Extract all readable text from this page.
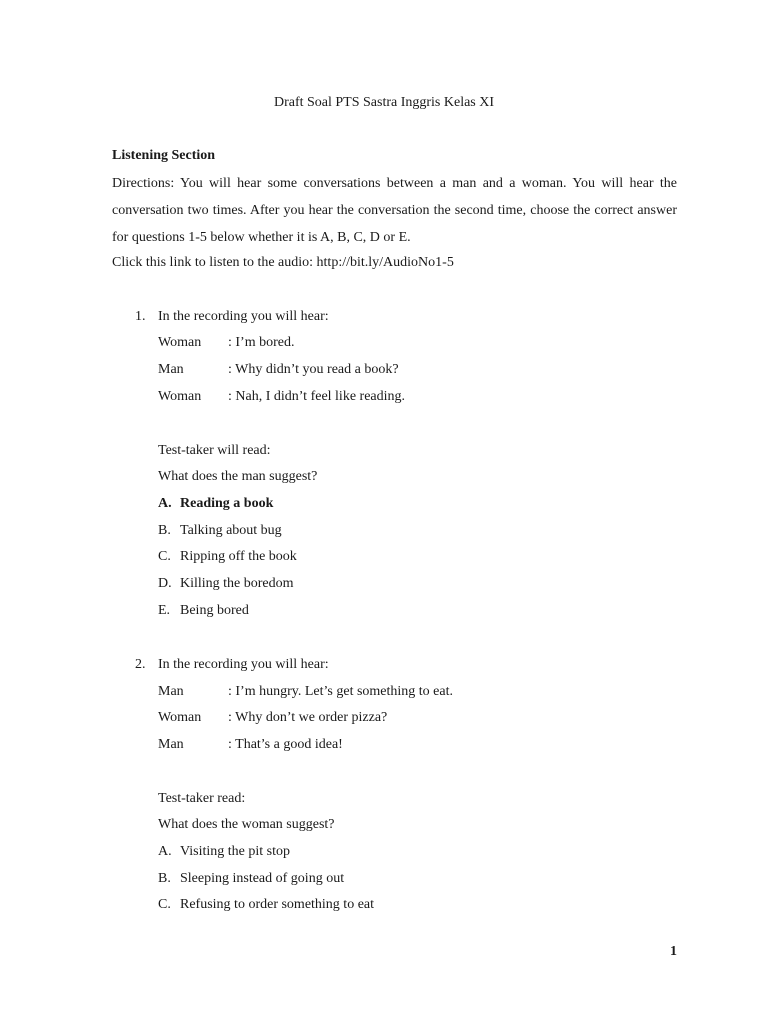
Draft Soal PTS Sastra Inggris Kelas XI
Listening Section

Directions: You will hear some conversations between a man and a woman. You will hear the conversation two times. After you hear the conversation the second time, choose the correct answer for questions 1-5 below whether it is A, B, C, D or E.

Click this link to listen to the audio: http://bit.ly/AudioNo1-5
1. In the recording you will hear:
Woman : I’m bored.
Man	: Why didn’t you read a book?
Woman : Nah, I didn’t feel like reading.
Test-taker will read:
What does the man suggest?
A. Reading a book
B. Talking about bug
C. Ripping off the book
D. Killing the boredom
E. Being bored
2. In the recording you will hear:
Man	: I’m hungry. Let’s get something to eat.
Woman : Why don’t we order pizza?
Man	: That’s a good idea!
Test-taker read:
What does the woman suggest?
A. Visiting the pit stop
B. Sleeping instead of going out
C. Refusing to order something to eat
1
